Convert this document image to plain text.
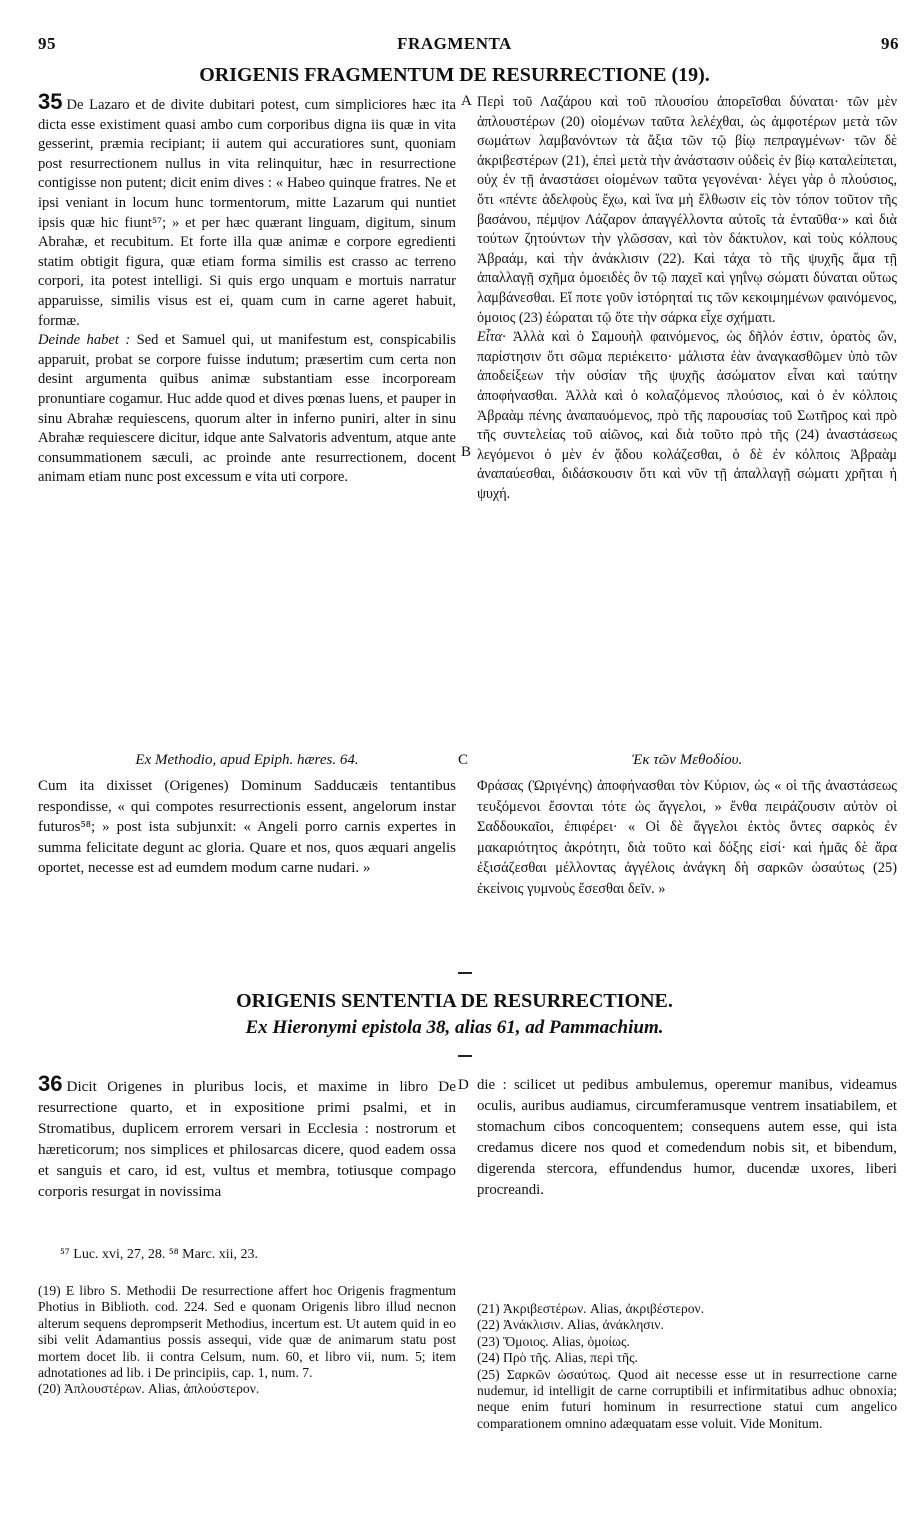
95	FRAGMENTA	96
ORIGENIS FRAGMENTUM DE RESURRECTIONE (19).

35 De Lazaro et de divite dubitari potest, cum simpliciores hæc ita dicta esse existiment quasi ambo cum corporibus digna iis quæ in vita gesserint, præmia recipiant; ii autem qui accuratiores sunt, quoniam post resurrectionem nullus in vita relinquitur, hæc in resurrectione contigisse non putent; dicit enim dives : « Habeo quinque fratres. Ne et ipsi veniant in locum hunc tormentorum, mitte Lazarum qui nuntiet ipsis quæ hic fiunt⁵⁷; » et per hæc quærant linguam, digitum, sinum Abrahæ, et recubitum. Et forte illa quæ animæ e corpore egredienti statim obtigit figura, quæ etiam forma similis est crasso ac terreno corpori, ita potest intelligi. Si quis ergo unquam e mortuis narratur apparuisse, similis visus est ei, quam cum in carne ageret habuit, formæ.

Deinde habet : Sed et Samuel qui, ut manifestum est, conspicabilis apparuit, probat se corpore fuisse indutum; præsertim cum certa non desint argumenta quibus animæ substantiam esse incorpoream pronuntiare cogamur. Huc adde quod et dives pœnas luens, et pauper in sinu Abrahæ requiescens, quorum alter in inferno puniri, alter in sinu Abrahæ requiescere dicitur, idque ante Salvatoris adventum, atque ante consummationem sæculi, ac proinde ante resurrectionem, docent animam etiam nunc post excessum e vita uti corpore.

A
B

Περὶ τοῦ Λαζάρου καὶ τοῦ πλουσίου ἀπορεῖσθαι δύναται· τῶν μὲν ἁπλουστέρων (20) οἰομένων ταῦτα λελέχθαι, ὡς ἀμφοτέρων μετὰ τῶν σωμάτων λαμβανόντων τὰ ἄξια τῶν τῷ βίῳ πεπραγμένων· τῶν δὲ ἀκριβεστέρων (21), ἐπεὶ μετὰ τὴν ἀνάστασιν οὐδεὶς ἐν βίῳ καταλείπεται, οὐχ ἐν τῇ ἀναστάσει οἰομένων ταῦτα γεγονέναι· λέγει γὰρ ὁ πλούσιος, ὅτι «πέντε ἀδελφοὺς ἔχω, καὶ ἵνα μὴ ἔλθωσιν εἰς τὸν τόπον τοῦτον τῆς βασάνου, πέμψον Λάζαρον ἀπαγγέλλοντα αὐτοῖς τὰ ἐνταῦθα·» καὶ διὰ τούτων ζητούντων τὴν γλῶσσαν, καὶ τὸν δάκτυλον, καὶ τοὺς κόλπους Ἀβραάμ, καὶ τὴν ἀνάκλισιν (22). Καὶ τάχα τὸ τῆς ψυχῆς ἅμα τῇ ἀπαλλαγῇ σχῆμα ὁμοειδὲς ὂν τῷ παχεῖ καὶ γηΐνῳ σώματι δύναται οὕτως λαμβάνεσθαι. Εἴ ποτε γοῦν ἱστόρηταί τις τῶν κεκοιμημένων φαινόμενος, ὁμοιος (23) ἑώραται τῷ ὅτε τὴν σάρκα εἶχε σχήματι.

Εἶτα· Ἀλλὰ καὶ ὁ Σαμουὴλ φαινόμενος, ὡς δῆλόν ἐστιν, ὁρατὸς ὤν, παρίστησιν ὅτι σῶμα περιέκειτο· μάλιστα ἐὰν ἀναγκασθῶμεν ὑπὸ τῶν ἀποδείξεων τὴν οὐσίαν τῆς ψυχῆς ἀσώματον εἶναι καὶ ταύτην ἀποφήνασθαι. Ἀλλὰ καὶ ὁ κολαζόμενος πλούσιος, καὶ ὁ ἐν κόλποις Ἀβραὰμ πένης ἀναπαυόμενος, πρὸ τῆς παρουσίας τοῦ Σωτῆρος καὶ πρὸ τῆς συντελείας τοῦ αἰῶνος, καὶ διὰ τοῦτο πρὸ τῆς (24) ἀναστάσεως λεγόμενοι ὁ μὲν ἐν ᾅδου κολάζεσθαι, ὁ δὲ ἐν κόλποις Ἀβραὰμ ἀναπαύεσθαι, διδάσκουσιν ὅτι καὶ νῦν τῇ ἀπαλλαγῇ σώματι χρῆται ἡ ψυχή.

Ex Methodio, apud Epiph. hæres. 64.	C	Ἐκ τῶν Μεθοδίου.

Cum ita dixisset (Origenes) Dominum Sadducæis tentantibus respondisse, « qui compotes resurrectionis essent, angelorum instar futuros⁵⁸; » post ista subjunxit: « Angeli porro carnis expertes in summa felicitate degunt ac gloria. Quare et nos, quos æquari angelis oportet, necesse est ad eumdem modum carne nudari. »

Φράσας (Ὠριγένης) ἀποφήνασθαι τὸν Κύριον, ὡς « οἱ τῆς ἀναστάσεως τευξόμενοι ἔσονται τότε ὡς ἄγγελοι, » ἔνθα πειράζουσιν αὐτὸν οἱ Σαδδουκαῖοι, ἐπιφέρει· « Οἱ δὲ ἄγγελοι ἐκτὸς ὄντες σαρκὸς ἐν μακαριότητος ἀκρότητι, διὰ τοῦτο καὶ δόξης εἰσί· καὶ ἡμᾶς δὲ ἄρα ἐξισάζεσθαι μέλλοντας ἀγγέλοις ἀνάγκη δὴ σαρκῶν ὡσαύτως (25) ἐκείνοις γυμνοὺς ἔσεσθαι δεῖν. »

ORIGENIS SENTENTIA DE RESURRECTIONE.
Ex Hieronymi epistola 38, alias 61, ad Pammachium.

36 Dicit Origenes in pluribus locis, et maxime in libro De resurrectione quarto, et in expositione primi psalmi, et in Stromatibus, duplicem errorem versari in Ecclesia : nostrorum et hæreticorum; nos simplices et philosarcas dicere, quod eadem ossa et sanguis et caro, id est, vultus et membra, totiusque compago corporis resurgat in novissima

D die : scilicet ut pedibus ambulemus, operemur manibus, videamus oculis, auribus audiamus, circumferamusque ventrem insatiabilem, et stomachum cibos concoquentem; consequens autem esse, qui ista credamus dicere nos quod et comedendum nobis sit, et bibendum, digerenda stercora, effundendus humor, ducendæ uxores, liberi procreandi.

⁵⁷ Luc. xvi, 27, 28. ⁵⁸ Marc. xii, 23.

(19) E libro S. Methodii De resurrectione affert hoc Origenis fragmentum Photius in Biblioth. cod. 224. Sed e quonam Origenis libro illud necnon alterum sequens deprompserit Methodius, incertum est. Ut autem quid in eo sibi velit Adamantius possis assequi, vide quæ de animarum statu post mortem docet lib. ii contra Celsum, num. 60, et libro vii, num. 5; item adnotationes ad lib. i De principiis, cap. 1, num. 7.

(20) Ἀπλουστέρων. Alias, ἁπλούστερον.

(21) Ἀκριβεστέρων. Alias, ἀκριβέστερον.

(22) Ἀνάκλισιν. Alias, ἀνάκλησιν.

(23) Ὅμοιος. Alias, ὁμοίως.

(24) Πρὸ τῆς. Alias, περὶ τῆς.

(25) Σαρκῶν ὡσαύτως. Quod ait necesse esse ut in resurrectione carne nudemur, id intelligit de carne corruptibili et infirmitatibus adhuc obnoxia; neque enim futuri hominum in resurrectione statui cum angelico comparationem omnino adæquatam esse voluit. Vide Monitum.
